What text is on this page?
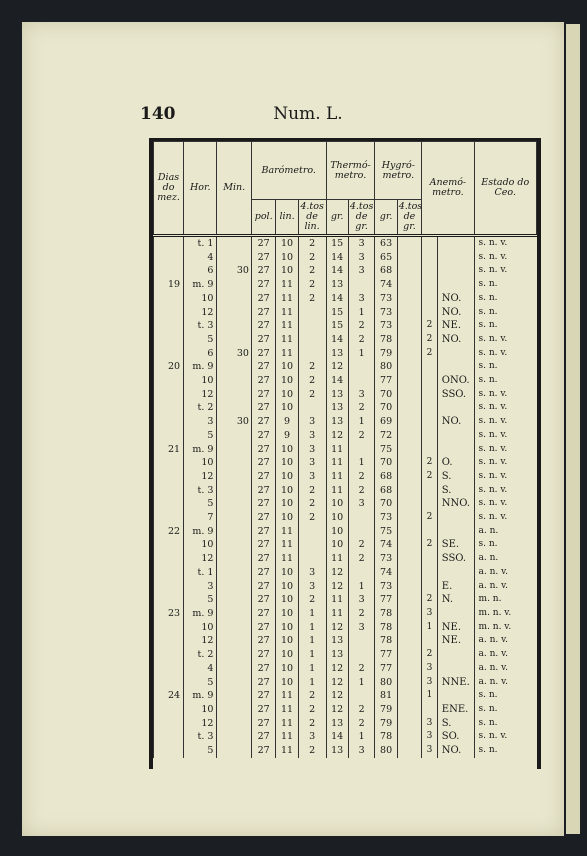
140	Num. L.
Dias do mez.	Hor.	Min.	Barómetro.			Thermó-metro.		Hygró-metro.		Anemó-metro.		Estado do Ceo.
			pol.	lin.	4.tos de lin.	gr.	4.tos de gr.	gr.	4.tos de gr.			
	t. 1		27	10	2	15	3	63				s. n. v.
	4		27	10	2	14	3	65				s. n. v.
	6	30	27	10	2	14	3	68				s. n. v.
19	m. 9		27	11	2	13		74				s. n.
	10		27	11	2	14	3	73			NO.	s. n.
	12		27	11		15	1	73			NO.	s. n.
	t. 3		27	11		15	2	73		2	NE.	s. n.
	5		27	11		14	2	78		2	NO.	s. n. v.
	6	30	27	11		13	1	79		2		s. n. v.
20	m. 9		27	10	2	12		80				s. n.
	10		27	10	2	14		77			ONO.	s. n.
	12		27	10	2	13	3	70			SSO.	s. n. v.
	t. 2		27	10		13	2	70				s. n. v.
	3	30	27	9	3	13	1	69			NO.	s. n. v.
	5		27	9	3	12	2	72				s. n. v.
21	m. 9		27	10	3	11		75				s. n. v.
	10		27	10	3	11	1	70		2	O.	s. n. v.
	12		27	10	3	11	2	68		2	S.	s. n. v.
	t. 3		27	10	2	11	2	68			S.	s. n. v.
	5		27	10	2	10	3	70			NNO.	s. n. v.
	7		27	10	2	10		73		2		s. n. v.
22	m. 9		27	11		10		75				a. n.
	10		27	11		10	2	74		2	SE.	s. n.
	12		27	11		11	2	73			SSO.	a. n.
	t. 1		27	10	3	12		74				a. n. v.
	3		27	10	3	12	1	73			E.	a. n. v.
	5		27	10	2	11	3	77		2	N.	m. n.
23	m. 9		27	10	1	11	2	78		3		m. n. v.
	10		27	10	1	12	3	78		1	NE.	m. n. v.
	12		27	10	1	13		78			NE.	a. n. v.
	t. 2		27	10	1	13		77		2		a. n. v.
	4		27	10	1	12	2	77		3		a. n. v.
	5		27	10	1	12	1	80		3	NNE.	a. n. v.
24	m. 9		27	11	2	12		81		1		s. n.
	10		27	11	2	12	2	79			ENE.	s. n.
	12		27	11	2	13	2	79		3	S.	s. n.
	t. 3		27	11	3	14	1	78		3	SO.	s. n. v.
	5		27	11	2	13	3	80		3	NO.	s. n.
